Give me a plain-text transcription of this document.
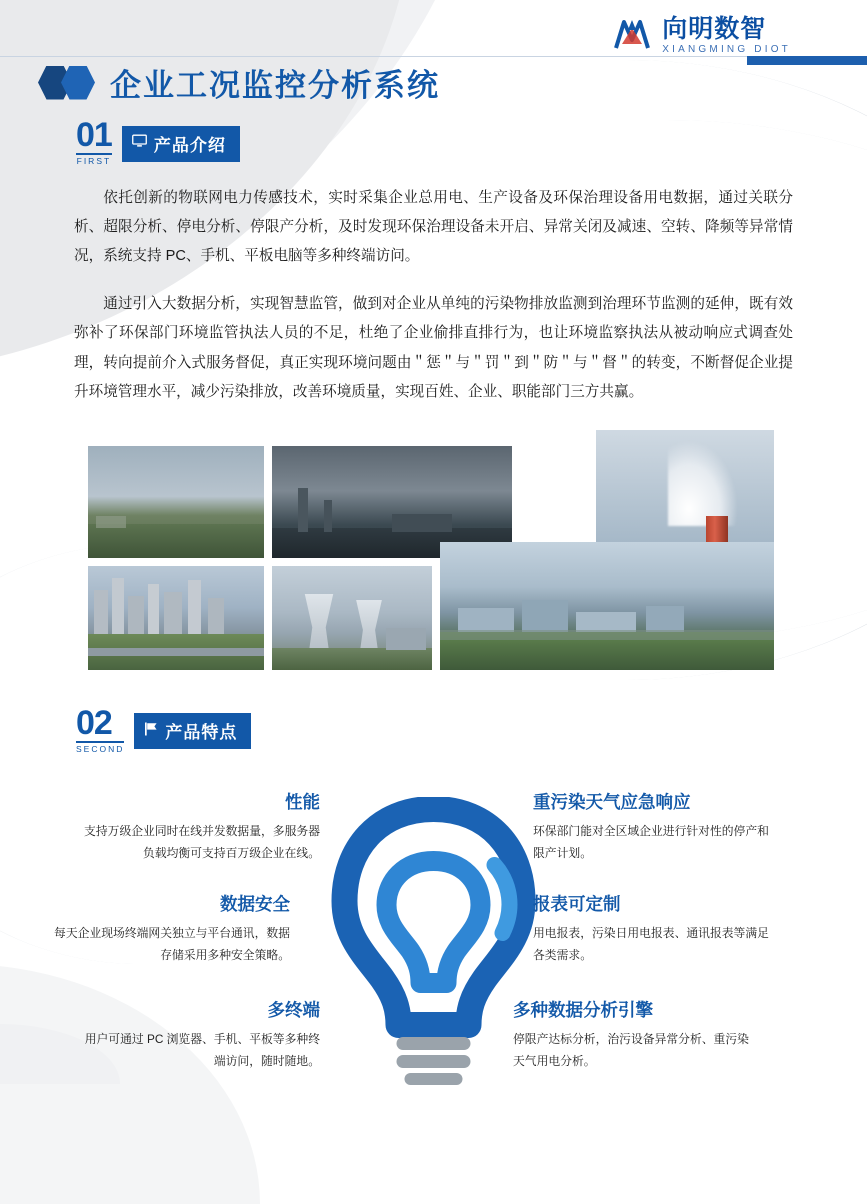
向明数智
XIANGMING DIOT
企业工况监控分析系统
01
FIRST
产品介绍

依托创新的物联网电力传感技术，实时采集企业总用电、生产设备及环保治理设备用电数据，通过关联分析、超限分析、停电分析、停限产分析，及时发现环保治理设备未开启、异常关闭及减速、空转、降频等异常情况，系统支持 PC、手机、平板电脑等多种终端访问。

通过引入大数据分析，实现智慧监管，做到对企业从单纯的污染物排放监测到治理环节监测的延伸，既有效弥补了环保部门环境监管执法人员的不足，杜绝了企业偷排直排行为，也让环境监察执法从被动响应式调查处理，转向提前介入式服务督促，真正实现环境问题由＂惩＂与＂罚＂到＂防＂与＂督＂的转变，不断督促企业提升环境管理水平，减少污染排放，改善环境质量，实现百姓、企业、职能部门三方共赢。

02
SECOND
产品特点
性能
支持万级企业同时在线并发数据量，多服务器负载均衡可支持百万级企业在线。
数据安全
每天企业现场终端网关独立与平台通讯，数据存储采用多种安全策略。
多终端
用户可通过 PC 浏览器、手机、平板等多种终端访问，随时随地。
重污染天气应急响应
环保部门能对全区域企业进行针对性的停产和限产计划。
报表可定制
用电报表，污染日用电报表、通讯报表等满足各类需求。
多种数据分析引擎
停限产达标分析，治污设备异常分析、重污染天气用电分析。
